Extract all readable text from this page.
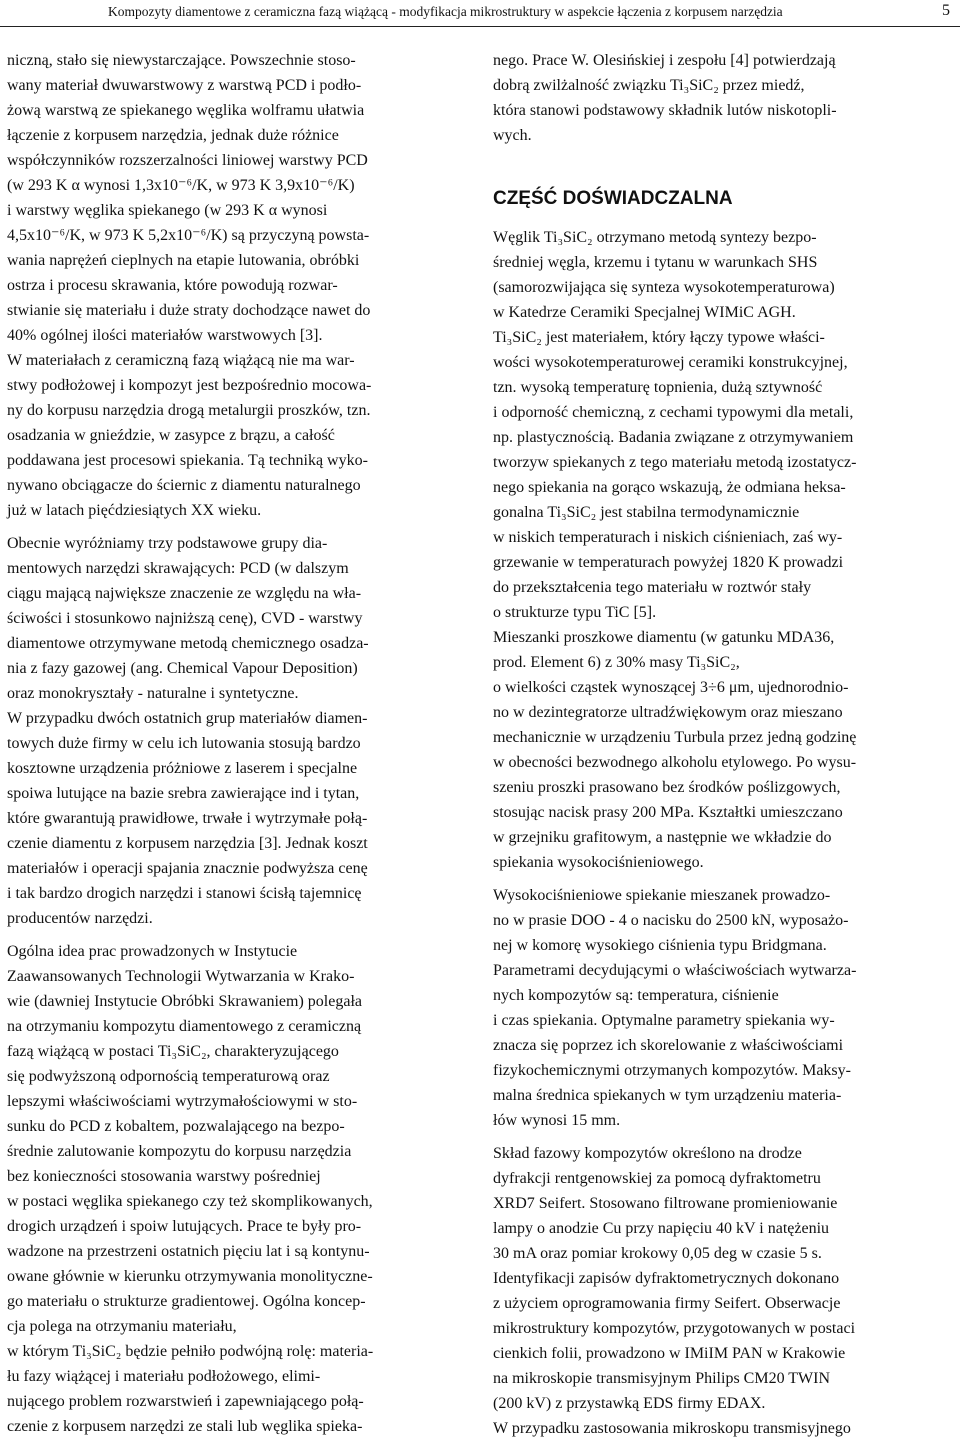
Kompozyty diamentowe z ceramiczna fazą wiążącą - modyfikacja mikrostruktury w aspekcie łączenia z korpusem narzędzia	5
niczną, stało się niewystarczające. Powszechnie stoso-
wany materiał dwuwarstwowy z warstwą PCD i podło-
żową warstwą ze spiekanego węglika wolframu ułatwia
łączenie z korpusem narzędzia, jednak duże różnice
współczynników rozszerzalności liniowej warstwy PCD
(w 293 K α wynosi 1,3x10⁻⁶/K, w 973 K 3,9x10⁻⁶/K)
i warstwy węglika spiekanego (w 293 K α wynosi
4,5x10⁻⁶/K, w 973 K 5,2x10⁻⁶/K) są przyczyną powsta-
wania naprężeń cieplnych na etapie lutowania, obróbki
ostrza i procesu skrawania, które powodują rozwar-
stwianie się materiału i duże straty dochodzące nawet do
40% ogólnej ilości materiałów warstwowych [3].
W materiałach z ceramiczną fazą wiążącą nie ma war-
stwy podłożowej i kompozyt jest bezpośrednio mocowa-
ny do korpusu narzędzia drogą metalurgii proszków, tzn.
osadzania w gnieździe, w zasypce z brązu, a całość
poddawana jest procesowi spiekania. Tą techniką wyko-
nywano obciągacze do ściernic z diamentu naturalnego
już w latach pięćdziesiątych XX wieku.
Obecnie wyróżniamy trzy podstawowe grupy dia-
mentowych narzędzi skrawających: PCD (w dalszym
ciągu mającą największe znaczenie ze względu na wła-
ściwości i stosunkowo najniższą cenę), CVD - warstwy
diamentowe otrzymywane metodą chemicznego osadza-
nia z fazy gazowej (ang. Chemical Vapour Deposition)
oraz monokryształy - naturalne i syntetyczne.
W przypadku dwóch ostatnich grup materiałów diamen-
towych duże firmy w celu ich lutowania stosują bardzo
kosztowne urządzenia próżniowe z laserem i specjalne
spoiwa lutujące na bazie srebra zawierające ind i tytan,
które gwarantują prawidłowe, trwałe i wytrzymałe połą-
czenie diamentu z korpusem narzędzia [3]. Jednak koszt
materiałów i operacji spajania znacznie podwyższa cenę
i tak bardzo drogich narzędzi i stanowi ścisłą tajemnicę
producentów narzędzi.
Ogólna idea prac prowadzonych w Instytucie
Zaawansowanych Technologii Wytwarzania w Krako-
wie (dawniej Instytucie Obróbki Skrawaniem) polegała
na otrzymaniu kompozytu diamentowego z ceramiczną
fazą wiążącą w postaci Ti₃SiC₂, charakteryzującego
się podwyższoną odpornością temperaturową oraz
lepszymi właściwościami wytrzymałościowymi w sto-
sunku do PCD z kobaltem, pozwalającego na bezpo-
średnie zalutowanie kompozytu do korpusu narzędzia
bez konieczności stosowania warstwy pośredniej
w postaci węglika spiekanego czy też skomplikowanych,
drogich urządzeń i spoiw lutujących. Prace te były pro-
wadzone na przestrzeni ostatnich pięciu lat i są kontynu-
owane głównie w kierunku otrzymywania monolityczne-
go materiału o strukturze gradientowej. Ogólna koncep-
cja polega na otrzymaniu materiału,
w którym Ti₃SiC₂ będzie pełniło podwójną rolę: materia-
łu fazy wiążącej i materiału podłożowego, elimi-
nującego problem rozwarstwień i zapewniającego połą-
czenie z korpusem narzędzi ze stali lub węglika spieka-
nego. Prace W. Olesińskiej i zespołu [4] potwierdzają
dobrą zwilżalność związku Ti₃SiC₂ przez miedź,
która stanowi podstawowy składnik lutów niskotopli-
wych.
CZĘŚĆ DOŚWIADCZALNA
Węglik Ti₃SiC₂ otrzymano metodą syntezy bezpo-
średniej węgla, krzemu i tytanu w warunkach SHS
(samorozwijająca się synteza wysokotemperaturowa)
w Katedrze Ceramiki Specjalnej WIMiC AGH.
Ti₃SiC₂ jest materiałem, który łączy typowe właści-
wości wysokotemperaturowej ceramiki konstrukcyjnej,
tzn. wysoką temperaturę topnienia, dużą sztywność
i odporność chemiczną, z cechami typowymi dla metali,
np. plastycznością. Badania związane z otrzymywaniem
tworzyw spiekanych z tego materiału metodą izostatycz-
nego spiekania na gorąco wskazują, że odmiana heksa-
gonalna Ti₃SiC₂ jest stabilna termodynamicznie
w niskich temperaturach i niskich ciśnieniach, zaś wy-
grzewanie w temperaturach powyżej 1820 K prowadzi
do przekształcenia tego materiału w roztwór stały
o strukturze typu TiC [5].
Mieszanki proszkowe diamentu (w gatunku MDA36,
prod. Element 6) z 30% masy Ti₃SiC₂,
o wielkości cząstek wynoszącej 3÷6 μm, ujednorodnio-
no w dezintegratorze ultradźwiękowym oraz mieszano
mechanicznie w urządzeniu Turbula przez jedną godzinę
w obecności bezwodnego alkoholu etylowego. Po wysu-
szeniu proszki prasowano bez środków poślizgowych,
stosując nacisk prasy 200 MPa. Kształtki umieszczano
w grzejniku grafitowym, a następnie we wkładzie do
spiekania wysokociśnieniowego.
Wysokociśnieniowe spiekanie mieszanek prowadzo-
no w prasie DOO - 4 o nacisku do 2500 kN, wyposażo-
nej w komorę wysokiego ciśnienia typu Bridgmana.
Parametrami decydującymi o właściwościach wytwarza-
nych kompozytów są: temperatura, ciśnienie
i czas spiekania. Optymalne parametry spiekania wy-
znacza się poprzez ich skorelowanie z właściwościami
fizykochemicznymi otrzymanych kompozytów. Maksy-
malna średnica spiekanych w tym urządzeniu materia-
łów wynosi 15 mm.
Skład fazowy kompozytów określono na drodze
dyfrakcji rentgenowskiej za pomocą dyfraktometru
XRD7 Seifert. Stosowano filtrowane promieniowanie
lampy o anodzie Cu przy napięciu 40 kV i natężeniu
30 mA oraz pomiar krokowy 0,05 deg w czasie 5 s.
Identyfikacji zapisów dyfraktometrycznych dokonano
z użyciem oprogramowania firmy Seifert. Obserwacje
mikrostruktury kompozytów, przygotowanych w postaci
cienkich folii, prowadzono w IMiIM PAN w Krakowie
na mikroskopie transmisyjnym Philips CM20 TWIN
(200 kV) z przystawką EDS firmy EDAX.
W przypadku zastosowania mikroskopu transmisyjnego
